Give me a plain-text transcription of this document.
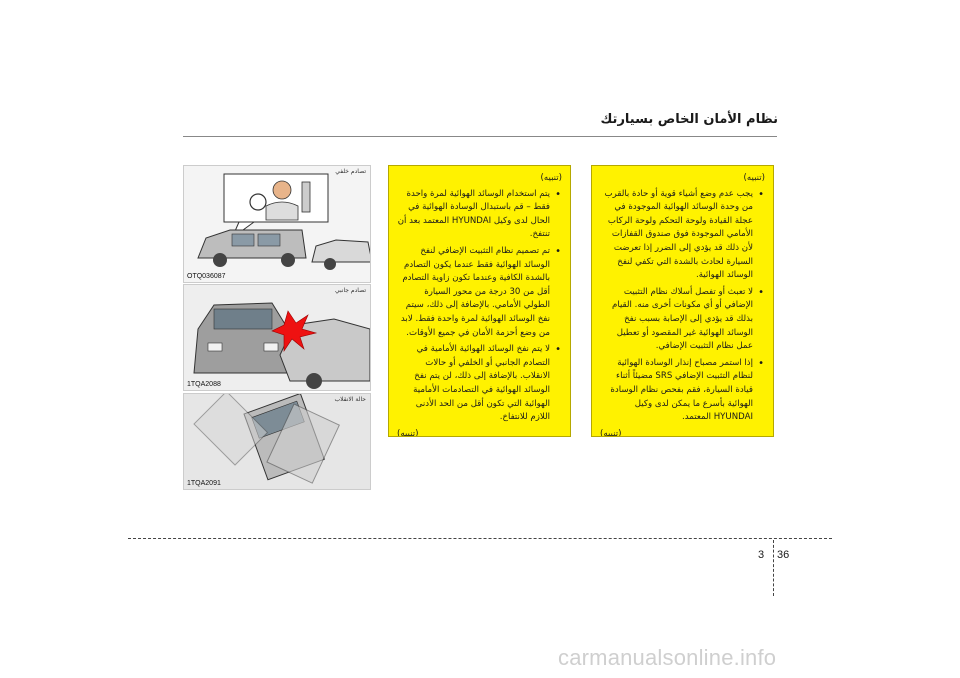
نظام الأمان الخاص بسيارتك
(تنبيه)
• يجب عدم وضع أشياء قوية أو حادة بالقرب من وحدة الوسائد الهوائية الموجودة في عجلة القيادة ولوحة التحكم ولوحة الركاب الأمامي الموجودة فوق صندوق القفازات لأن ذلك قد يؤدي إلى الضرر إذا تعرضت السيارة لحادث بالشدة التي تكفي لنفخ الوسائد الهوائية.
• لا تعبث أو تفصل أسلاك نظام التثبيت الإضافي أو أي مكونات أخرى منه. القيام بذلك قد يؤدي إلى الإصابة بسبب نفخ الوسائد الهوائية غير المقصود أو تعطيل عمل نظام التثبيت الإضافي.
• إذا استمر مصباح إنذار الوسادة الهوائية لنظام التثبيت الإضافي SRS مضيئاً أثناء قيادة السيارة، فقم بفحص نظام الوسادة الهوائية بأسرع ما يمكن لدى وكيل HYUNDAI المعتمد.
(تنبيه)
(تنبيه)
• يتم استخدام الوسائد الهوائية لمرة واحدة فقط – قم باستبدال الوسادة الهوائية في الحال لدى وكيل HYUNDAI المعتمد بعد أن تنتفخ.
• تم تصميم نظام التثبيت الإضافي لنفخ الوسائد الهوائية فقط عندما يكون التصادم بالشدة الكافية وعندما تكون زاوية التصادم أقل من 30 درجة من محور السيارة الطولي الأمامي. بالإضافة إلى ذلك، سيتم نفخ الوسائد الهوائية لمرة واحدة فقط. لابد من وضع أحزمة الأمان في جميع الأوقات.
• لا يتم نفخ الوسائد الهوائية الأمامية في التصادم الجانبي أو الخلفي أو حالات الانقلاب. بالإضافة إلى ذلك، لن يتم نفخ الوسائد الهوائية في التصادمات الأمامية الهوائية التي تكون أقل من الحد الأدنى اللازم للانتفاخ.
(تنبيه)
تصادم خلفي
OTQ036087
تصادم جانبي
1TQA2088
حالة الانقلاب
1TQA2091
3 36
carmanualsonline.info
